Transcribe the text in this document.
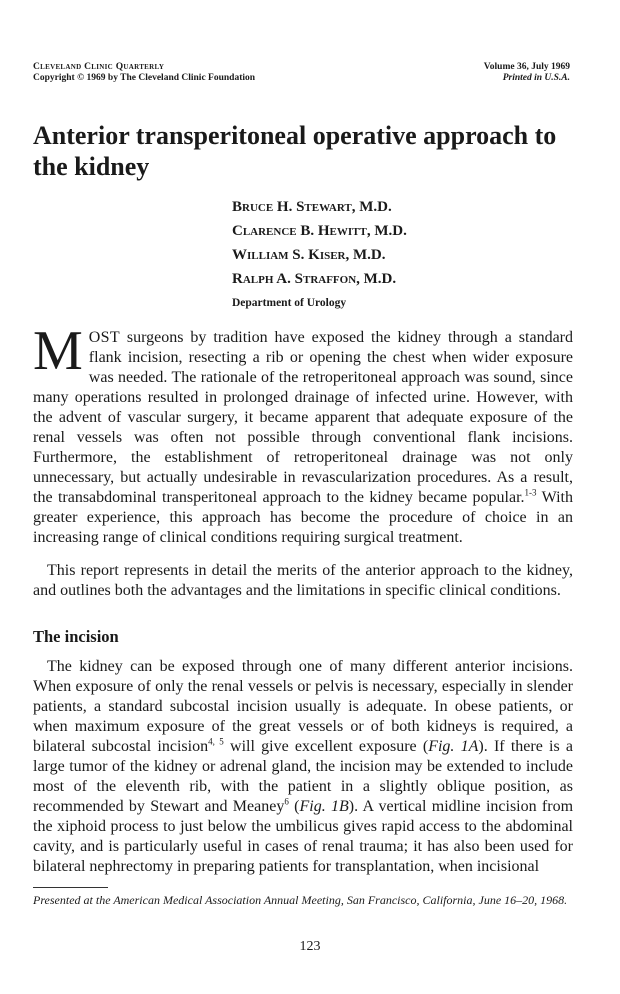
Cleveland Clinic Quarterly
Copyright © 1969 by The Cleveland Clinic Foundation
Volume 36, July 1969
Printed in U.S.A.
Anterior transperitoneal operative approach to the kidney
Bruce H. Stewart, M.D.
Clarence B. Hewitt, M.D.
William S. Kiser, M.D.
Ralph A. Straffon, M.D.
Department of Urology

MOST surgeons by tradition have exposed the kidney through a standard flank incision, resecting a rib or opening the chest when wider exposure was needed. The rationale of the retroperitoneal approach was sound, since many operations resulted in prolonged drainage of infected urine. However, with the advent of vascular surgery, it became apparent that adequate exposure of the renal vessels was often not possible through conventional flank incisions. Furthermore, the establishment of retroperitoneal drainage was not only unnecessary, but actually undesirable in revascularization procedures. As a result, the transabdominal transperitoneal approach to the kidney became popular.$^{1-3}$ With greater experience, this approach has become the procedure of choice in an increasing range of clinical conditions requiring surgical treatment.

This report represents in detail the merits of the anterior approach to the kidney, and outlines both the advantages and the limitations in specific clinical conditions.

The incision

The kidney can be exposed through one of many different anterior incisions. When exposure of only the renal vessels or pelvis is necessary, especially in slender patients, a standard subcostal incision usually is adequate. In obese patients, or when maximum exposure of the great vessels or of both kidneys is required, a bilateral subcostal incision$^{4, 5}$ will give excellent exposure (Fig. 1A). If there is a large tumor of the kidney or adrenal gland, the incision may be extended to include most of the eleventh rib, with the patient in a slightly oblique position, as recommended by Stewart and Meaney$^6$ (Fig. 1B). A vertical midline incision from the xiphoid process to just below the umbilicus gives rapid access to the abdominal cavity, and is particularly useful in cases of renal trauma; it has also been used for bilateral nephrectomy in preparing patients for transplantation, when incisional

Presented at the American Medical Association Annual Meeting, San Francisco, California, June 16–20, 1968.

123
